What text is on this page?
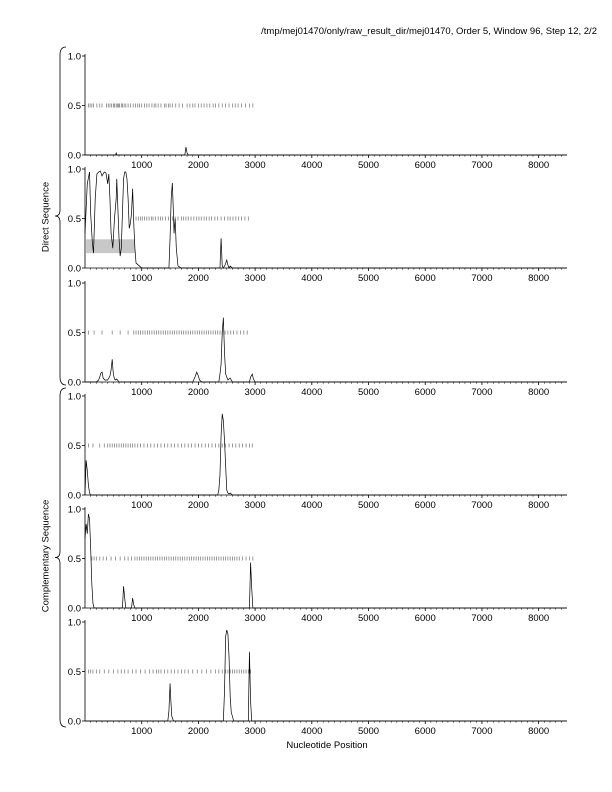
/tmp/mej01470/only/raw_result_dir/mej01470, Order 5, Window 96, Step 12, 2/2
0.0
0.5
1.0
1000	2000	3000	4000	5000	6000	7000	8000
0.0
0.5
1.0
1000	2000	3000	4000	5000	6000	7000	8000
0.0
0.5
1.0
1000	2000	3000	4000	5000	6000	7000	8000
0.0
0.5
1.0
1000	2000	3000	4000	5000	6000	7000	8000
0.0
0.5
1.0
1000	2000	3000	4000	5000	6000	7000	8000
0.0
0.5
1.0
1000	2000	3000	4000	5000	6000	7000	8000
Direct Sequence
Complementary Sequence
Nucleotide Position
